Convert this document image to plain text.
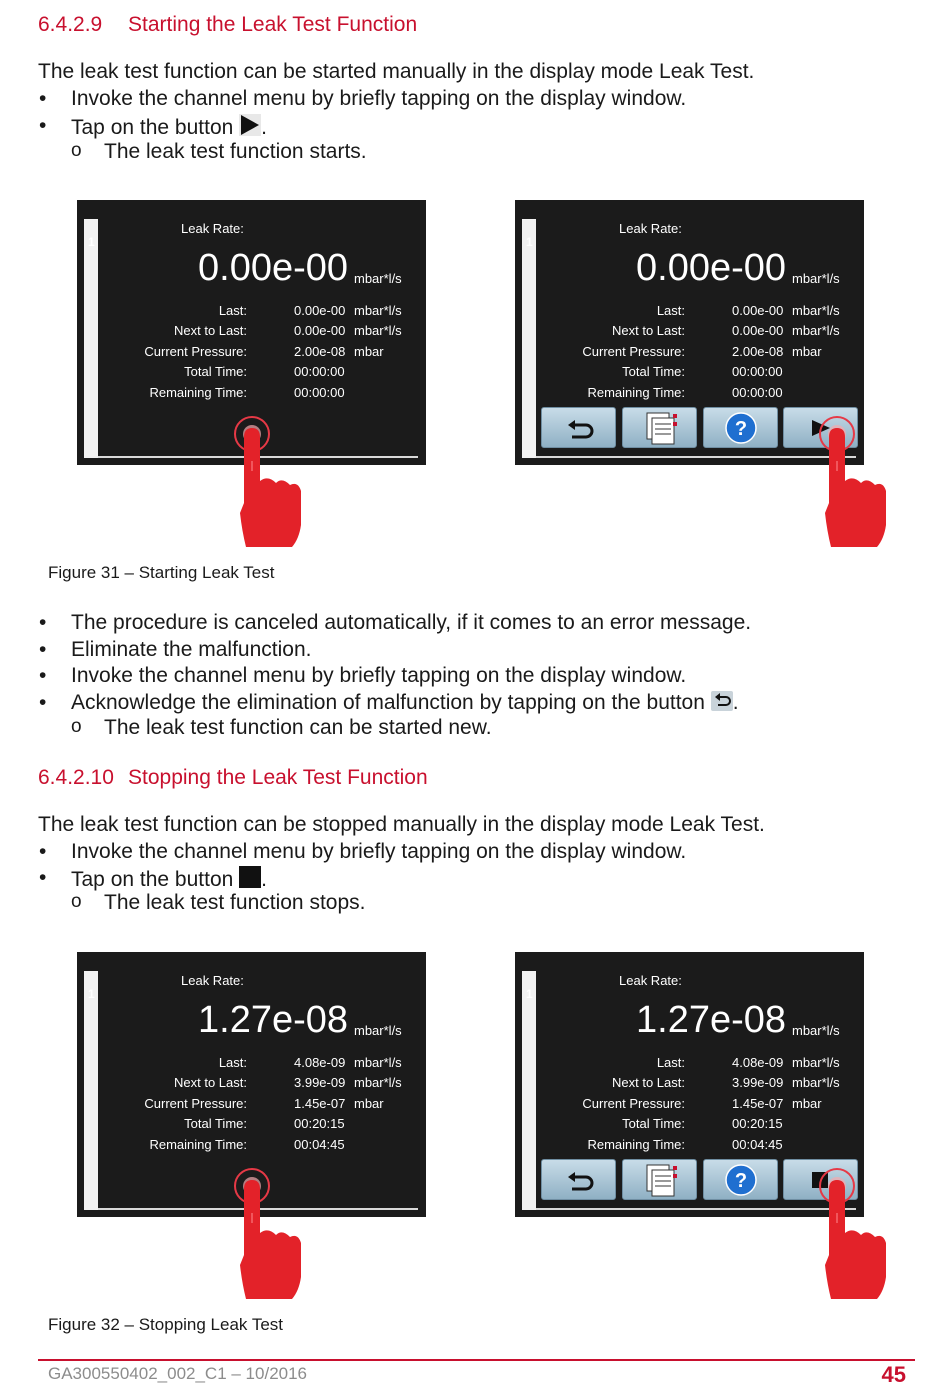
6.4.2.9 Starting the Leak Test Function
The leak test function can be started manually in the display mode Leak Test.
• Invoke the channel menu by briefly tapping on the display window.
• Tap on the button .
o The leak test function starts.
1
Leak Rate:
0.00e-00 mbar*l/s
Last:	0.00e-00 mbar*l/s
Next to Last:	0.00e-00 mbar*l/s
Current Pressure:	2.00e-08 mbar
Total Time:	00:00:00
Remaining Time:	00:00:00
1
Leak Rate:
0.00e-00 mbar*l/s
Last:	0.00e-00 mbar*l/s
Next to Last:	0.00e-00 mbar*l/s
Current Pressure:	2.00e-08 mbar
Total Time:	00:00:00
Remaining Time:	00:00:00
?
Figure 31 – Starting Leak Test
• The procedure is canceled automatically, if it comes to an error message.
• Eliminate the malfunction.
• Invoke the channel menu by briefly tapping on the display window.
• Acknowledge the elimination of malfunction by tapping on the button .
o The leak test function can be started new.
6.4.2.10 Stopping the Leak Test Function
The leak test function can be stopped manually in the display mode Leak Test.
• Invoke the channel menu by briefly tapping on the display window.
• Tap on the button .
o The leak test function stops.
1
Leak Rate:
1.27e-08 mbar*l/s
Last:	4.08e-09 mbar*l/s
Next to Last:	3.99e-09 mbar*l/s
Current Pressure:	1.45e-07 mbar
Total Time:	00:20:15
Remaining Time:	00:04:45
1
Leak Rate:
1.27e-08 mbar*l/s
Last:	4.08e-09 mbar*l/s
Next to Last:	3.99e-09 mbar*l/s
Current Pressure:	1.45e-07 mbar
Total Time:	00:20:15
Remaining Time:	00:04:45
?
Figure 32 – Stopping Leak Test
GA300550402_002_C1 – 10/2016	45
